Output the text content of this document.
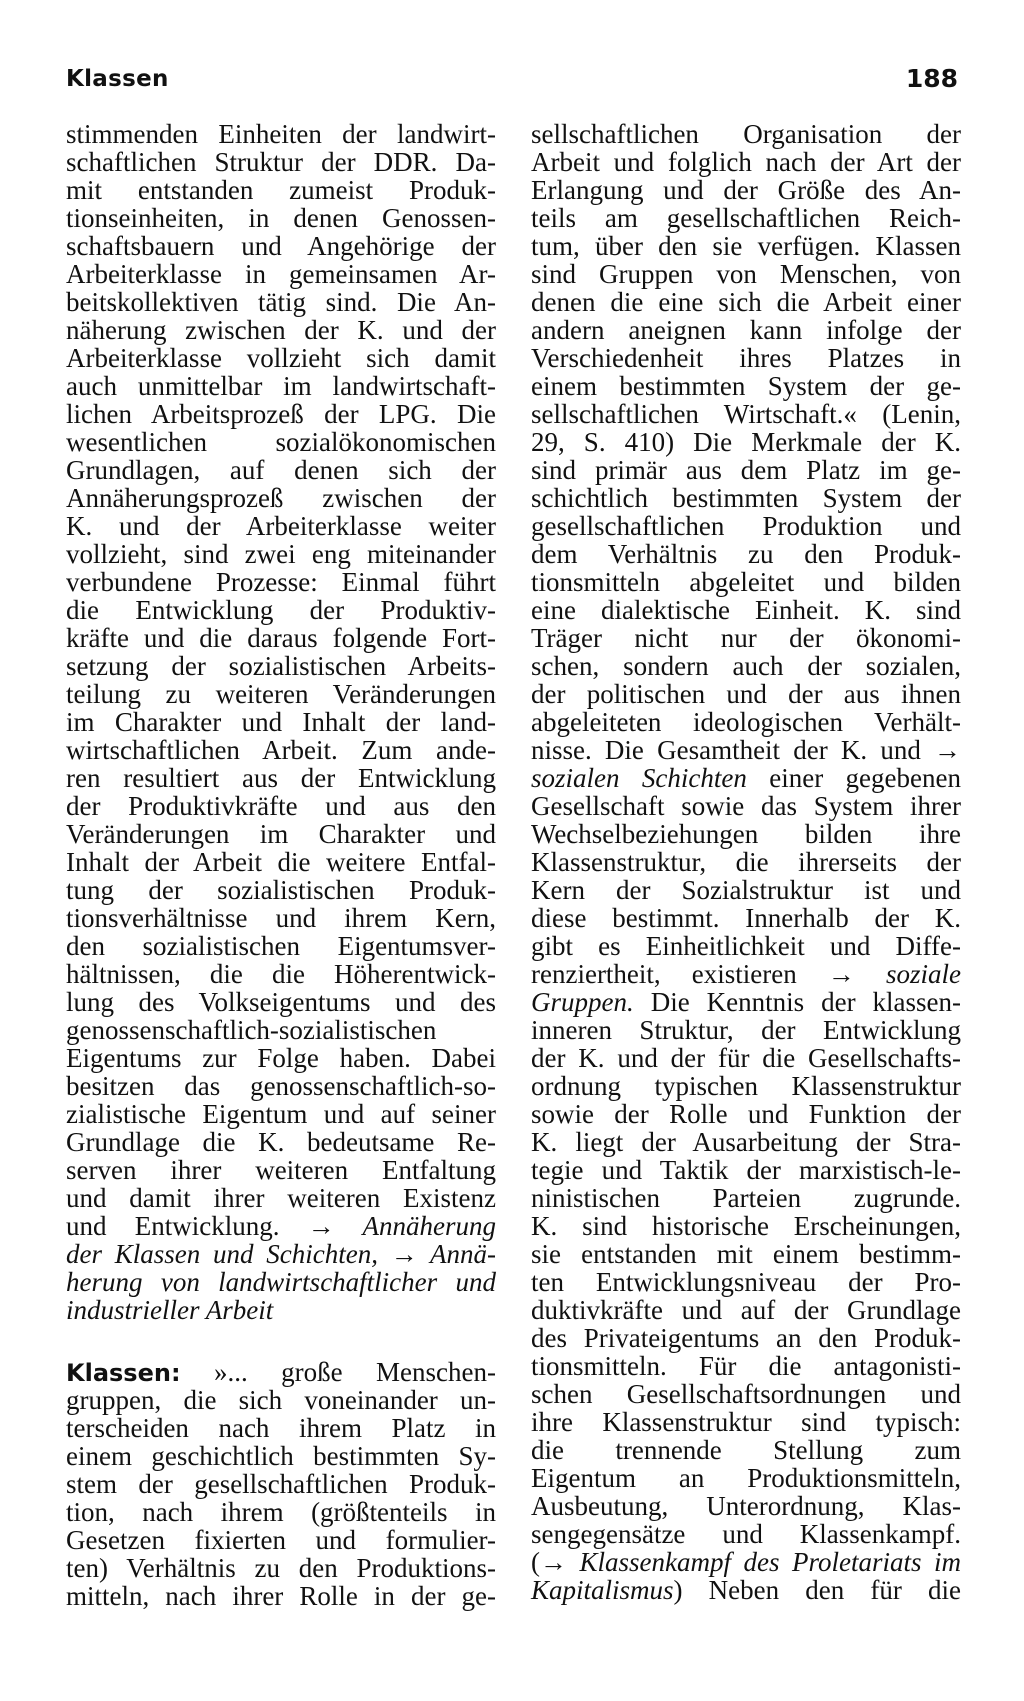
Klassen	188
stimmenden Einheiten der landwirt-
schaftlichen Struktur der DDR. Da-
mit entstanden zumeist Produk-
tionseinheiten, in denen Genossen-
schaftsbauern und Angehörige der
Arbeiterklasse in gemeinsamen Ar-
beitskollektiven tätig sind. Die An-
näherung zwischen der K. und der
Arbeiterklasse vollzieht sich damit
auch unmittelbar im landwirtschaft-
lichen Arbeitsprozeß der LPG. Die
wesentlichen sozialökonomischen
Grundlagen, auf denen sich der
Annäherungsprozeß zwischen der
K. und der Arbeiterklasse weiter
vollzieht, sind zwei eng miteinander
verbundene Prozesse: Einmal führt
die Entwicklung der Produktiv-
kräfte und die daraus folgende Fort-
setzung der sozialistischen Arbeits-
teilung zu weiteren Veränderungen
im Charakter und Inhalt der land-
wirtschaftlichen Arbeit. Zum ande-
ren resultiert aus der Entwicklung
der Produktivkräfte und aus den
Veränderungen im Charakter und
Inhalt der Arbeit die weitere Entfal-
tung der sozialistischen Produk-
tionsverhältnisse und ihrem Kern,
den sozialistischen Eigentumsver-
hältnissen, die die Höherentwick-
lung des Volkseigentums und des
genossenschaftlich-sozialistischen
Eigentums zur Folge haben. Dabei
besitzen das genossenschaftlich-so-
zialistische Eigentum und auf seiner
Grundlage die K. bedeutsame Re-
serven ihrer weiteren Entfaltung
und damit ihrer weiteren Existenz
und Entwicklung. → Annäherung
der Klassen und Schichten, → Annä-
herung von landwirtschaftlicher und
industrieller Arbeit
Klassen: »... große Menschen-
gruppen, die sich voneinander un-
terscheiden nach ihrem Platz in
einem geschichtlich bestimmten Sy-
stem der gesellschaftlichen Produk-
tion, nach ihrem (größtenteils in
Gesetzen fixierten und formulier-
ten) Verhältnis zu den Produktions-
mitteln, nach ihrer Rolle in der ge-
sellschaftlichen Organisation der
Arbeit und folglich nach der Art der
Erlangung und der Größe des An-
teils am gesellschaftlichen Reich-
tum, über den sie verfügen. Klassen
sind Gruppen von Menschen, von
denen die eine sich die Arbeit einer
andern aneignen kann infolge der
Verschiedenheit ihres Platzes in
einem bestimmten System der ge-
sellschaftlichen Wirtschaft.« (Lenin,
29, S. 410) Die Merkmale der K.
sind primär aus dem Platz im ge-
schichtlich bestimmten System der
gesellschaftlichen Produktion und
dem Verhältnis zu den Produk-
tionsmitteln abgeleitet und bilden
eine dialektische Einheit. K. sind
Träger nicht nur der ökonomi-
schen, sondern auch der sozialen,
der politischen und der aus ihnen
abgeleiteten ideologischen Verhält-
nisse. Die Gesamtheit der K. und →
sozialen Schichten einer gegebenen
Gesellschaft sowie das System ihrer
Wechselbeziehungen bilden ihre
Klassenstruktur, die ihrerseits der
Kern der Sozialstruktur ist und
diese bestimmt. Innerhalb der K.
gibt es Einheitlichkeit und Diffe-
renziertheit, existieren → soziale
Gruppen. Die Kenntnis der klassen-
inneren Struktur, der Entwicklung
der K. und der für die Gesellschafts-
ordnung typischen Klassenstruktur
sowie der Rolle und Funktion der
K. liegt der Ausarbeitung der Stra-
tegie und Taktik der marxistisch-le-
ninistischen Parteien zugrunde.
K. sind historische Erscheinungen,
sie entstanden mit einem bestimm-
ten Entwicklungsniveau der Pro-
duktivkräfte und auf der Grundlage
des Privateigentums an den Produk-
tionsmitteln. Für die antagonisti-
schen Gesellschaftsordnungen und
ihre Klassenstruktur sind typisch:
die trennende Stellung zum
Eigentum an Produktionsmitteln,
Ausbeutung, Unterordnung, Klas-
sengegensätze und Klassenkampf.
(→ Klassenkampf des Proletariats im
Kapitalismus) Neben den für die
